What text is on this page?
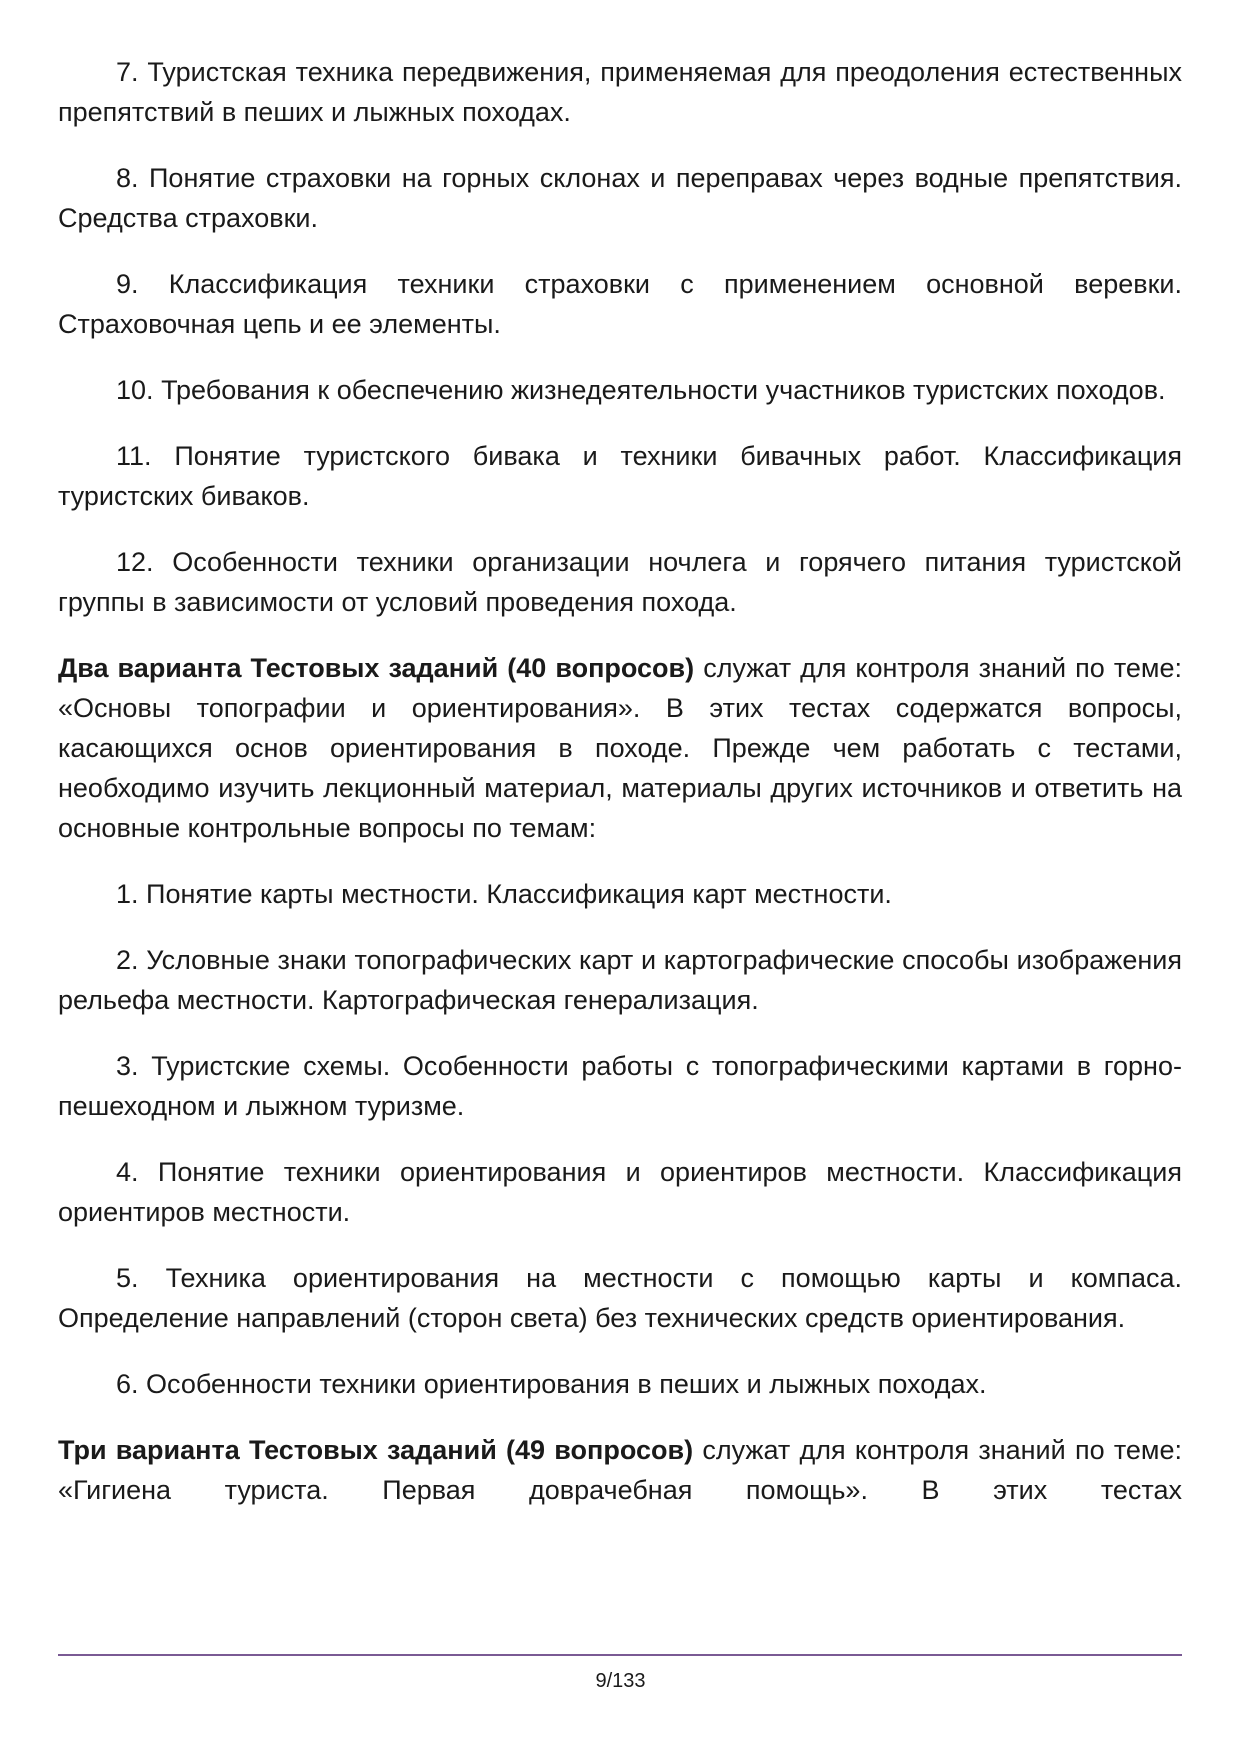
7. Туристская техника передвижения, применяемая для преодоления естественных препятствий в пеших и лыжных походах.

8. Понятие страховки на горных склонах и переправах через водные препятствия. Средства страховки.

9. Классификация техники страховки с применением основной веревки. Страховочная цепь и ее элементы.

10. Требования к обеспечению жизнедеятельности участников туристских походов.

11. Понятие туристского бивака и техники бивачных работ. Классификация туристских биваков.

12. Особенности техники организации ночлега и горячего питания туристской группы в зависимости от условий проведения похода.

Два варианта Тестовых заданий (40 вопросов) служат для контроля знаний по теме: «Основы топографии и ориентирования». В этих тестах содержатся вопросы, касающихся основ ориентирования в походе. Прежде чем работать с тестами, необходимо изучить лекционный материал, материалы других источников и ответить на основные контрольные вопросы по темам:

1. Понятие карты местности. Классификация карт местности.

2. Условные знаки топографических карт и картографические способы изображения рельефа местности. Картографическая генерализация.

3. Туристские схемы. Особенности работы с топографическими картами в горно-пешеходном и лыжном туризме.

4. Понятие техники ориентирования и ориентиров местности. Классификация ориентиров местности.

5. Техника ориентирования на местности с помощью карты и компаса. Определение направлений (сторон света) без технических средств ориентирования.

6. Особенности техники ориентирования в пеших и лыжных походах.

Три варианта Тестовых заданий (49 вопросов) служат для контроля знаний по теме: «Гигиена туриста. Первая доврачебная помощь». В этих тестах

9/133
